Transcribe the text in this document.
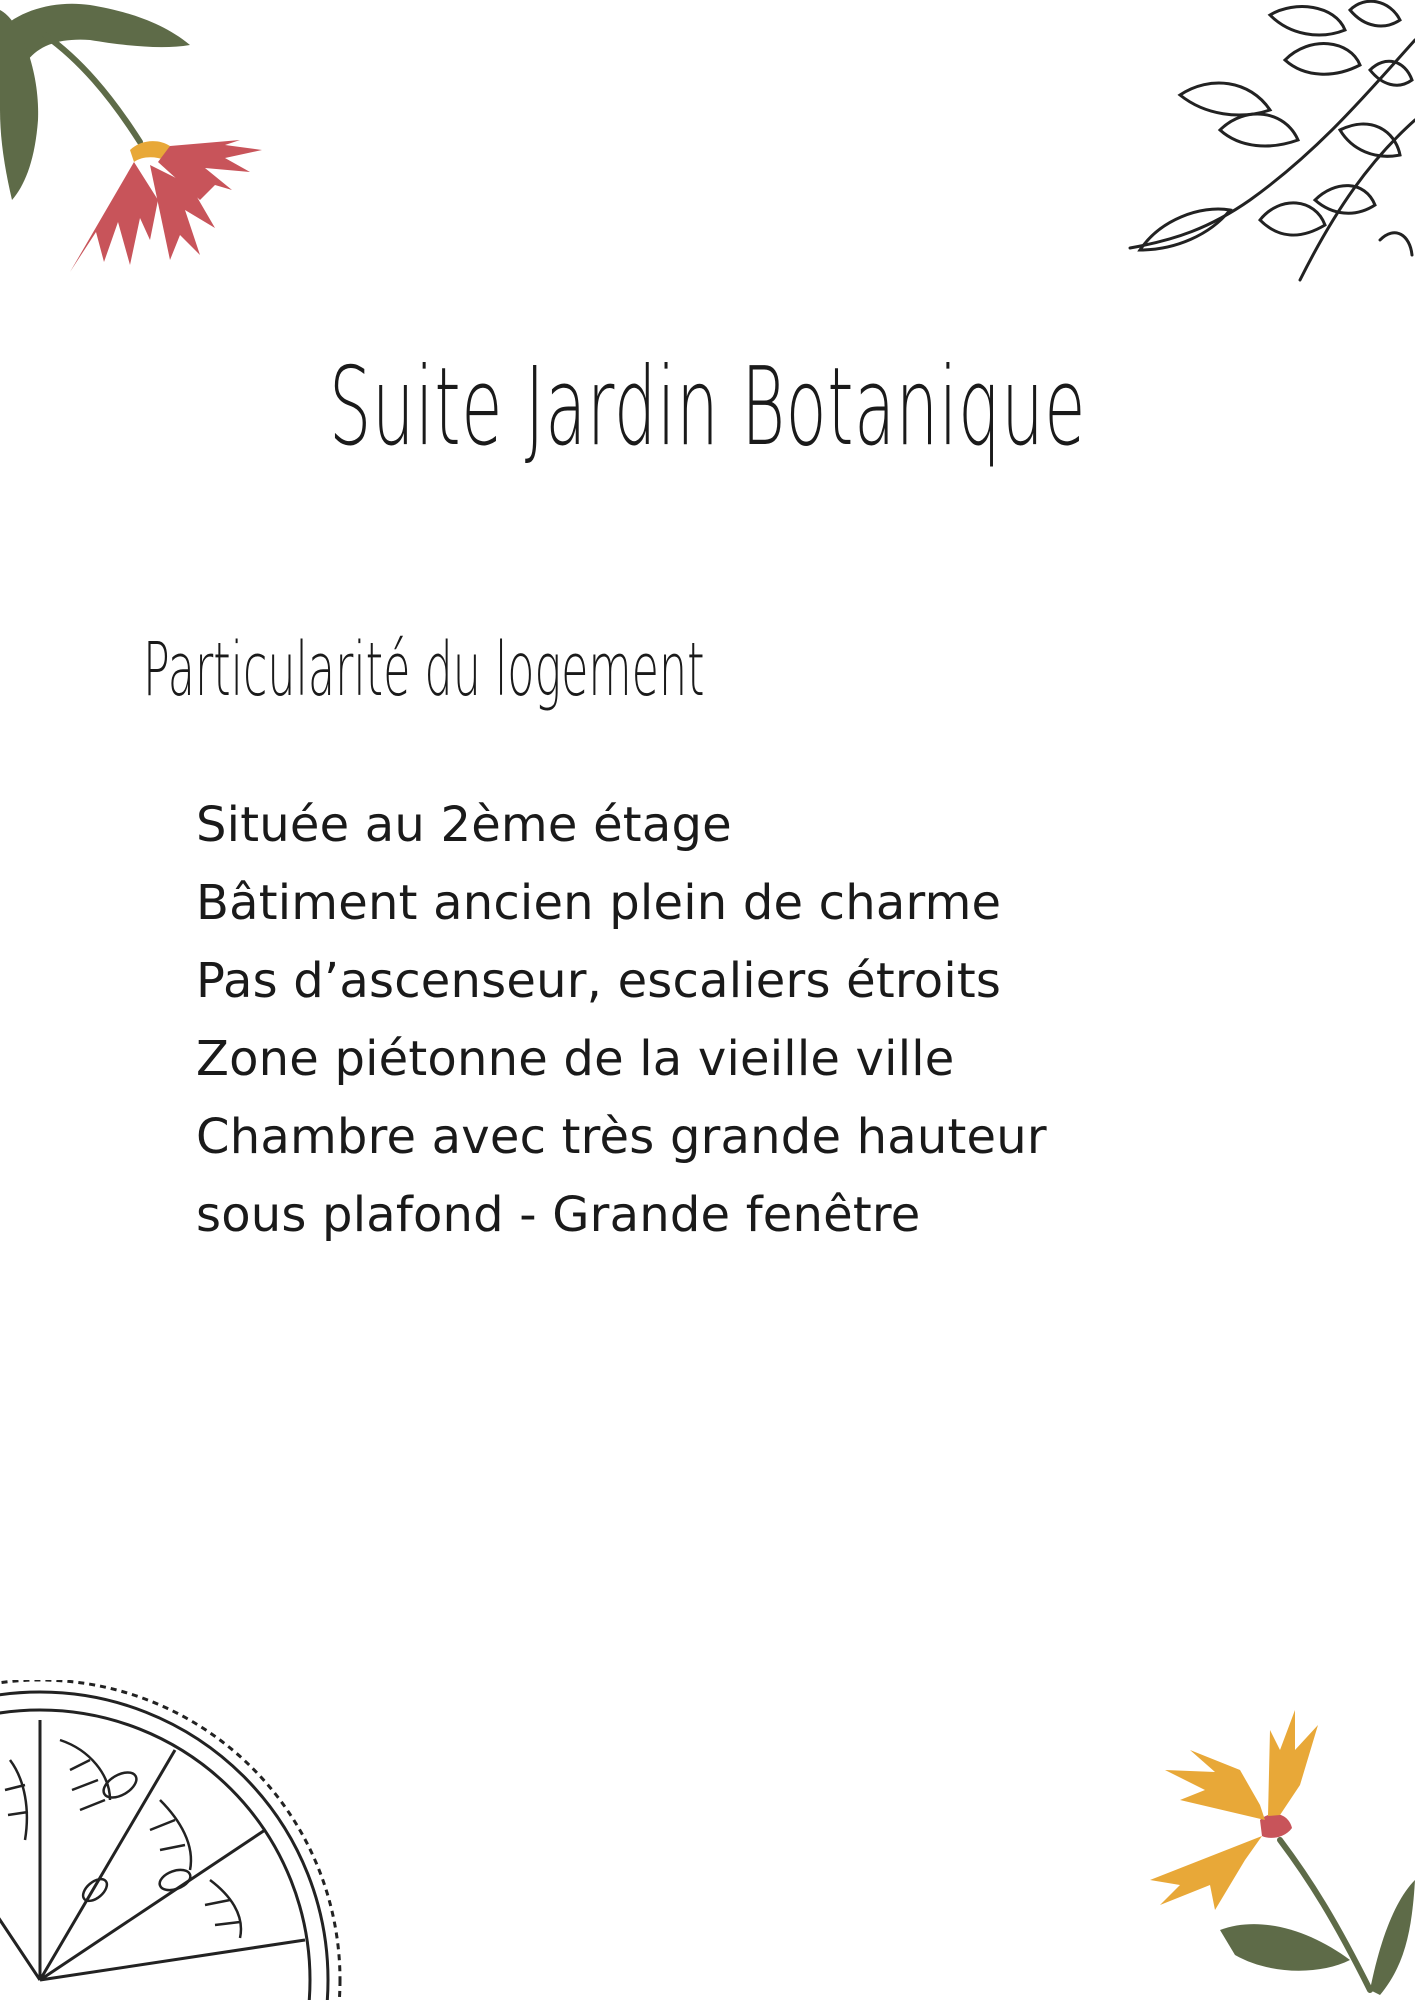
Suite Jardin Botanique
Particularité du logement
Située au 2ème étage
Bâtiment ancien plein de charme
Pas d’ascenseur, escaliers étroits
Zone piétonne de la vieille ville
Chambre avec très grande hauteur
sous plafond - Grande fenêtre
